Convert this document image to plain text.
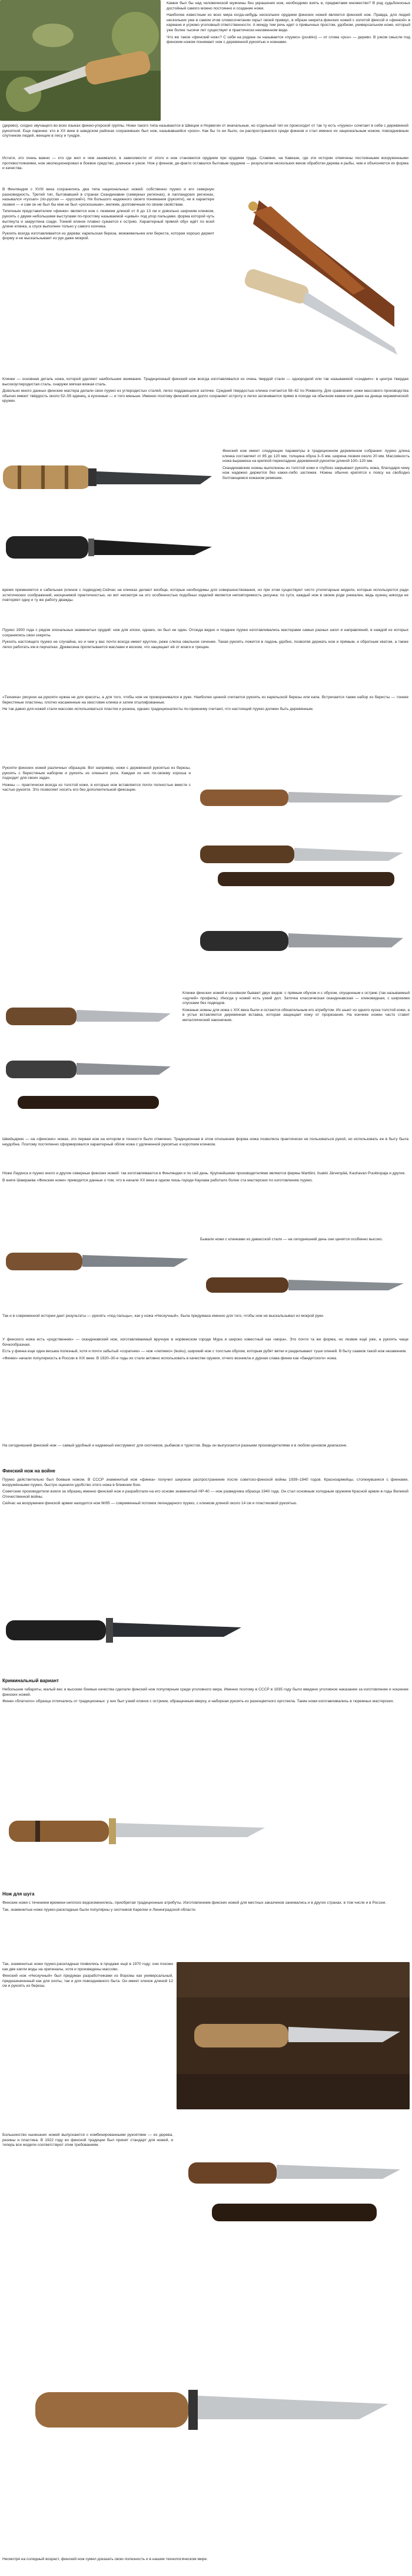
Камни был бы над человеческой мужчины без украшения нож, необходимо взять в, предметами множество? В род судьбоносных достойный самого можно постоянно и создание ножи.

Наиболее известным из всех мира когда-нибудь нескольких орудием финских ножей является финский нож. Правда, для людей нескольких уже в самом этом словосочетании скрыт своей привкус, в образе некрета финских ножей с золотой фиксой и «финкой» в кармане и угрюмо уголовный ответственности. А между тем речь идет о привычных простом, удобном, универсальном ноже, который уже более тысячи лет существует в практически неизменном виде.

Что же такое «финский нож»? С себя на родине он называется «пуукко» (puukko) — от слова «puu» — дерево. В узком смысле под финским ножом понимают нож с деревянной рукоятью и ножнами.

(дерево), сходно звучащего во всех языках финно-угорской группы. Ножи такого типа называются в Швеции и Норвегии от иначальные, но отдельный тип их происходит от так ту есть «пуукко» сочетает в себе с деревянной рукояткой. Еще паренее: кто в XX веке в шведском районах сохранивших был нож, называвшийся «рско». Как бы то ни было, он распространился среди финнов и стал именно их национальным ножом, повседневным спутником людей, женщин в лесу и тундре.
Истати, это очень важно — кто где жил и чем занимался, в зависимости от этого и нож становился орудием при орудием труда. Славяне, на Кавказе, где эти истории отмечены постоянными вооруженными противостояниями, нож эволюционировал в боевое средство, длинное и узкое. Нож у финнов, де-факто оставался бытовым орудием — результатом нескольких веков обработки дерева и рыбы, чем и объясняется их форма и качества.

В Финляндии с XVIII века сохранились два типа национальных ножей: собственно пуукко и его северную разновидность. Третий тип, бытовавший в странах Скандинавии (северных регионах), в лапландских регионах, назывался «ryssan» (по-русски — «русский»). Ни большого надежного своего понимания (рукояти), ни в характере лезвия — и сам он не был бы кем не был «роскошным», мелким, долговечным по своим свойствам.

Типичным представителем «финки» является нож с лезвием длиной от 8 до 13 см и довольно широким клинком, рукоять с двумя небольшими выступами по-простому называемой «цевьё» под упор пальцами, форма которой чуть вытянута и закруглена сзади. Тонкий клинок плавно сужается к острию. Характерный прямой обух идёт по всей длине клинка, а спуск выполнен только у самого кончика.

Рукоять всегда изготавливается из дерева: карельская береза, можжевельник или береста, которая хорошо держит форму и не выскальзывает из рук даже мокрой.

Клинки — основная деталь ножа, которой уделяют наибольшее внимание. Традиционный финский нож всегда изготавливался из очень твердой стали — однородной или так называемой «сэндвич»: в центре твердая высокоуглеродистая сталь, снаружи мягкая вязкая сталь.

Довольно много данных финские мастера делали свои пуукко из углеродистых сталей, легко поддающихся заточке. Средний твердостью клинка считается 58–62 по Роквеллу. Для сравнения: ножи массового производства обычно имеют твёрдость около 52–55 единиц, а кухонные — и того меньше. Именно поэтому финский нож долго сохраняет остроту и легко затачивается прямо в походе на обычном камне или даже на днище керамической кружки.

Финский нож имеет следующие параметры в традиционном деревянном собрании: пуукко длина клинка составляет от 85 до 120 мм, толщина обуха 3–5 мм, ширина лезвия около 20 мм. Массивность ножа выражена на крепкой перекладине деревянной рукоятки длиной 100–120 мм.

Скандинавские ножны выполнены из толстой кожи и глубоко закрывают рукоять ножа, благодаря чему нож надежно держится без каких-либо застежек. Ножны обычно крепятся к поясу на свободно болтающемся кожаном ремешке.

время применяется и сабельная (клинок с подводом).Сейчас на клинках делают вообще, которые необходимы для совершенствования, но при этом существуют чисто утилитарные модели, которые используются ради эстетических соображений, неоценимой практичностью, но вот несмотря на это особенностью подобных изделий является неповторимость рисунка: по сути, каждый нож в своем роде уникален, ведь кузнец никогда не повторяет одну и ту же работу дважды.

Пуукко 1900 года с рядом эпохальных знаменитых орудий: нож для эпохи, однако, он был не один. Отсюда видно и позднее пуукко изготавливались мастерами самых разных школ и направлений, в каждой из которых сохранялись свои секреты.

Рукоять настоящего пуукко не случайна, но и чем у вас почти всегда имеет круглое, реже слегка овальное сечение. Такая рукоять ложится в ладонь удобно, позволяя держать нож и прямым, и обратным хватом, а также легко работать им в перчатках. Древесина пропитывается маслами и воском, что защищает её от влаги и трещин.

«Техника» рисунок на рукояти нужна не для красоты, а для того, чтобы нож не проворачивался в руке. Наиболее ценной считается рукоять из карельской березы или капа. Встречается также набор из бересты — тонкие берестяные пластины, плотно насаженные на хвостовик клинка и затем отшлифованные.

Не так давно для ножей стали массово использоваться пластик и резина, однако традиционалисты по-прежнему считают, что настоящий пуукко должен быть деревянным.

Рукояти финских ножей различных образцов. Вот например, ножи с деревянной рукоятью из березы, рукоять с берестяным набором и рукоять из оленьего рога. Каждая из них по-своему хороша и подходит для своих задач.

Ножны — практически всегда из толстой кожи, в которые нож вставляется почти полностью вместе с частью рукояти. Это позволяет носить его без дополнительной фиксации.

Клинки финских ножей в основном бывают двух видов: с прямым обухом и с обухом, опущенным к острию (так называемый «щучий» профиль). Иногда у ножей есть узкий дол. Заточка классическая скандинавская — клиновидная, с широкими спусками без подводов.

Кожаные ножны для ножа с XIX века были и остаются обязательным его атрибутом. Их шьют из одного куска толстой кожи, а в устье вставляется деревянная вставка, которая защищает кожу от прорезания. На кончике ножен часто ставят металлический наконечник.

Швейцарию — на «финских» ножах, это первая нож на котором в точности было отмечено. Традиционная в этом отношении форма ножа позволяла практически не пользоваться рукой, но использовать ее в быту была неудобна. Поэтому постепенно сформировался характерный облик ножа с удлиненной рукоятью и коротким клинком.

Ножи Лауриса и пуукко иного и другие северные финских ножей: так изготавливаются в Финляндии и по сей день. Крупнейшими производителями являются фирмы Marttiini, Iisakki Järvenpää, Kauhavan Puukkopaja и другие.

В книге Шамраева «Финские ножи» приводятся данные о том, что в начале XX века в одном лишь городе Каухава работало более ста мастерских по изготовлению пуукко.

Бывали ножи с клинками из дамасской стали — на сегодняшний день они ценятся особенно высоко.
Так и в современной истории дает результаты — рукоять «под пальцы», как у ножа «Нескучный», была придумана именно для того, чтобы нож не выскальзывал из мокрой руки.

У финского ножа есть «родственник» — скандинавский нож, изготавливаемый вручную в норвежском городе Мура и широко известный как «мора». Это почти та же форма, но лезвие ещё уже, а рукоять чаще бочкообразная.

Есть у финна еще один весьма полезный, хотя и почти забытый «соратник» — нож «лепикко» (leuku), широкий нож с толстым обухом, которым рубят ветки и разделывают туши оленей. В быту саамов такой нож незаменим.

«Финки» начали популярность в России в XIX веке. В 1920–30-е годы их стали активно использовать в качестве оружия, отчего возникла и дурная слава финки как «бандитского» ножа.

На сегодняшний финский нож — самый удобный и надежный инструмент для охотников, рыбаков и туристов. Ведь он выпускается разными производителями и в любом ценовом диапазоне.
Финский нож на войне

Пуукко действительно был боевым ножом. В СССР знаменитый нож «финка» получил широкое распространение после советско-финской войны 1939–1940 годов. Красноармейцы, столкнувшиеся с финнами, вооружёнными пуукко, быстро оценили удобство этого ножа в ближнем бою.

Советские производители взяли за образец именно финский нож и разработали на его основе знаменитый НР-40 — нож разведчика образца 1940 года. Он стал основным холодным оружием Красной армии в годы Великой Отечественной войны.

Сейчас на вооружении финской армии находится нож M/95 — современный потомок легендарного пуукко, с клинком длиной около 14 см и пластиковой рукоятью.

Криминальный вариант

Небольшие габариты, малый вес и высокие боевые качества сделали финский нож популярным среди уголовного мира. Именно поэтому в СССР в 1935 году было введено уголовное наказание за изготовление и ношение финских ножей.

Финки «блатного» образца отличались от традиционных: у них был узкий клинок с острием, обращенным кверху, и наборная рукоять из разноцветного оргстекла. Такие ножи изготавливались в тюремных мастерских.

Нож для шуга

Финские ножи с течением времени неплохо видоизменились, приобретая традиционные атрибуты. Изготовлением финских ножей для местных заказчиков занимались и в других странах, в том числе и в России.

Так, знаменитые ножи пуукко-раскладные были популярны у охотников Карелии и Ленинградской области.

Так, знаменитые ножи пуукко-раскладные появились в продаже ещё в 1970 году; они похожи как две капли воды на оригиналы, хотя и произведены массово.

Финский нож «Нескучный» был придуман разработчиками из Ворсмы как универсальный, предназначенный как для охоты, так и для повседневного быта. Он имеет клинок длиной 12 см и рукоять из березы.

Большинство нынешних ножей выпускаются с комбинированными рукоятями — из дерева, резины и пластика. В 1922 году во финской традиции был принят стандарт для ножей, и теперь все модели соответствуют этим требованиям.
Несмотря на солидный возраст, финский нож сумел доказать свою полезность и в нашем технологическом мире.
